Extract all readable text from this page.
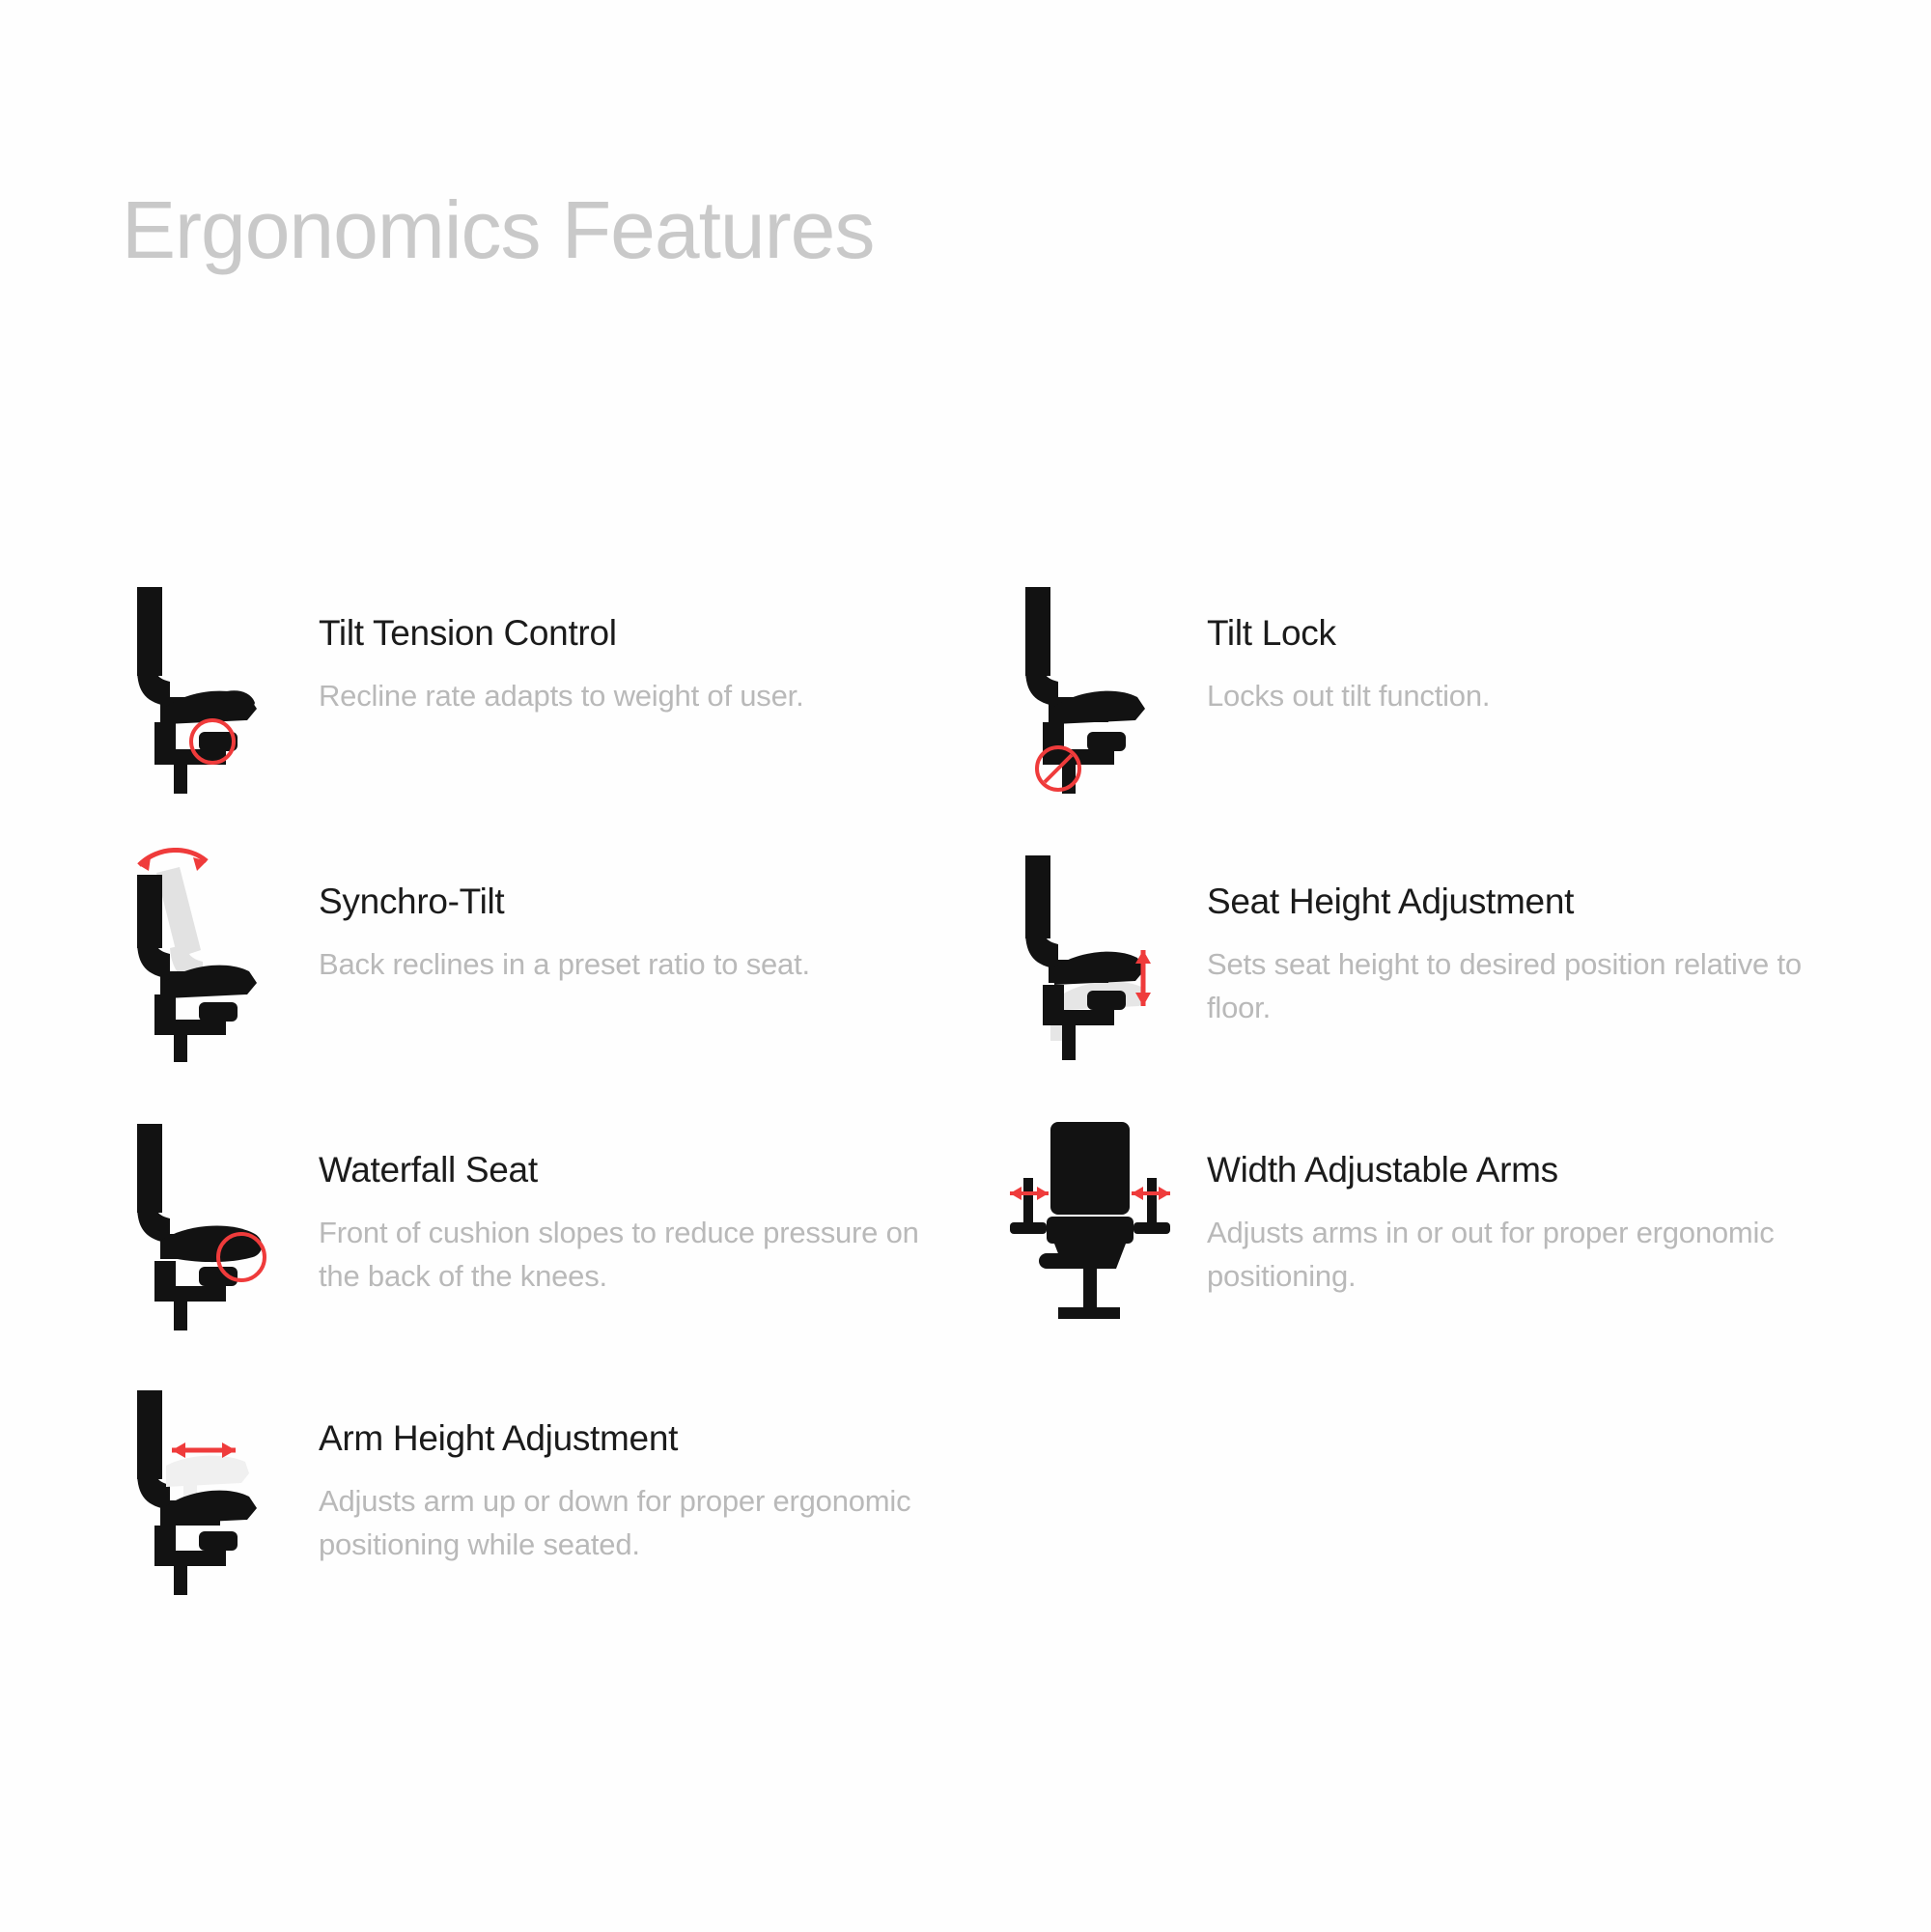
Ergonomics Features
Tilt Tension Control
Recline rate adapts to weight of user.
Synchro-Tilt
Back reclines in a preset ratio to seat.
Waterfall Seat
Front of cushion slopes to reduce pressure on the back of the knees.
Arm Height Adjustment
Adjusts arm up or down for proper ergonomic positioning while seated.
Tilt Lock
Locks out tilt function.
Seat Height Adjustment
Sets seat height to desired position relative to floor.
Width Adjustable Arms
Adjusts arms in or out for proper ergonomic positioning.
